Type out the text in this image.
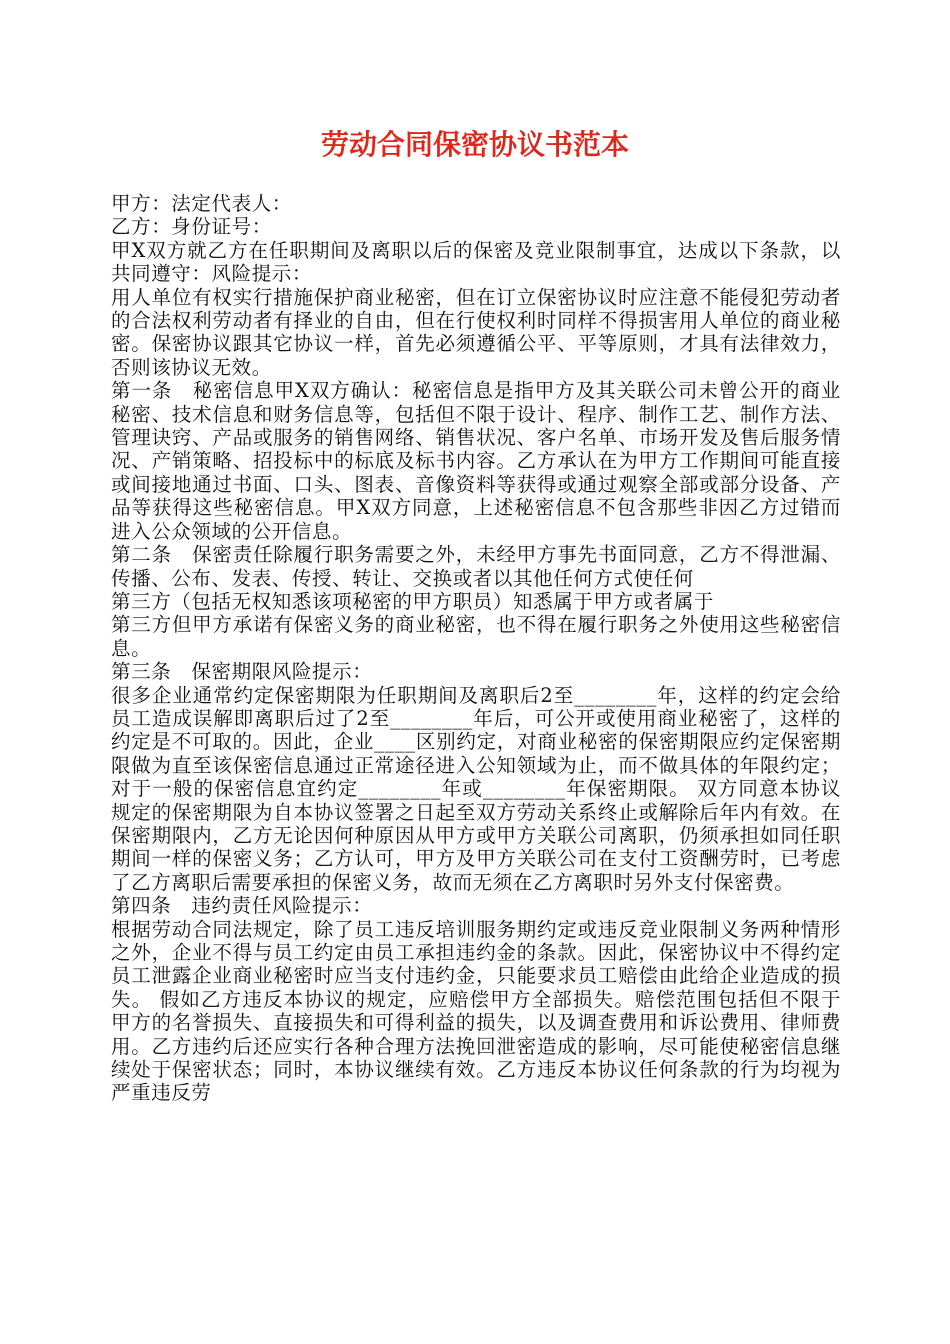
劳动合同保密协议书范本

甲方：法定代表人：

乙方：身份证号：

甲X双方就乙方在任职期间及离职以后的保密及竞业限制事宜，达成以下条款，以共同遵守：风险提示：

用人单位有权实行措施保护商业秘密，但在订立保密协议时应注意不能侵犯劳动者的合法权利劳动者有择业的自由，但在行使权利时同样不得损害用人单位的商业秘密。保密协议跟其它协议一样，首先必须遵循公平、平等原则，才具有法律效力，否则该协议无效。

第一条　秘密信息甲X双方确认：秘密信息是指甲方及其关联公司未曾公开的商业秘密、技术信息和财务信息等，包括但不限于设计、程序、制作工艺、制作方法、管理诀窍、产品或服务的销售网络、销售状况、客户名单、市场开发及售后服务情况、产销策略、招投标中的标底及标书内容。乙方承认在为甲方工作期间可能直接或间接地通过书面、口头、图表、音像资料等获得或通过观察全部或部分设备、产品等获得这些秘密信息。甲X双方同意，上述秘密信息不包含那些非因乙方过错而进入公众领域的公开信息。

第二条　保密责任除履行职务需要之外，未经甲方事先书面同意，乙方不得泄漏、传播、公布、发表、传授、转让、交换或者以其他任何方式使任何

第三方（包括无权知悉该项秘密的甲方职员）知悉属于甲方或者属于

第三方但甲方承诺有保密义务的商业秘密，也不得在履行职务之外使用这些秘密信息。

第三条　保密期限风险提示：

很多企业通常约定保密期限为任职期间及离职后2至________年，这样的约定会给员工造成误解即离职后过了2至________年后，可公开或使用商业秘密了，这样的约定是不可取的。因此，企业____区别约定，对商业秘密的保密期限应约定保密期限做为直至该保密信息通过正常途径进入公知领域为止，而不做具体的年限约定；对于一般的保密信息宜约定________年或________年保密期限。 双方同意本协议规定的保密期限为自本协议签署之日起至双方劳动关系终止或解除后年内有效。在保密期限内，乙方无论因何种原因从甲方或甲方关联公司离职，仍须承担如同任职期间一样的保密义务；乙方认可，甲方及甲方关联公司在支付工资酬劳时，已考虑了乙方离职后需要承担的保密义务，故而无须在乙方离职时另外支付保密费。

第四条　违约责任风险提示：

根据劳动合同法规定，除了员工违反培训服务期约定或违反竞业限制义务两种情形之外，企业不得与员工约定由员工承担违约金的条款。因此，保密协议中不得约定员工泄露企业商业秘密时应当支付违约金，只能要求员工赔偿由此给企业造成的损失。 假如乙方违反本协议的规定，应赔偿甲方全部损失。赔偿范围包括但不限于甲方的名誉损失、直接损失和可得利益的损失，以及调查费用和诉讼费用、律师费用。乙方违约后还应实行各种合理方法挽回泄密造成的影响，尽可能使秘密信息继续处于保密状态；同时，本协议继续有效。乙方违反本协议任何条款的行为均视为严重违反劳
